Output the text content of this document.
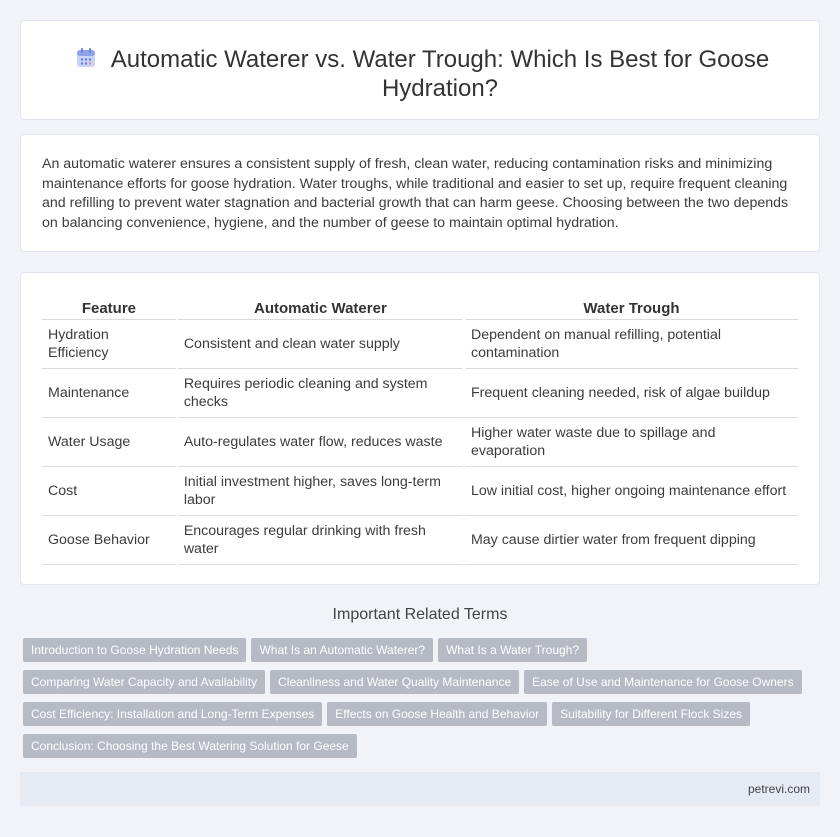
Automatic Waterer vs. Water Trough: Which Is Best for Goose Hydration?

An automatic waterer ensures a consistent supply of fresh, clean water, reducing contamination risks and minimizing maintenance efforts for goose hydration. Water troughs, while traditional and easier to set up, require frequent cleaning and refilling to prevent water stagnation and bacterial growth that can harm geese. Choosing between the two depends on balancing convenience, hygiene, and the number of geese to maintain optimal hydration.

Feature	Automatic Waterer	Water Trough
Hydration Efficiency	Consistent and clean water supply	Dependent on manual refilling, potential contamination
Maintenance	Requires periodic cleaning and system checks	Frequent cleaning needed, risk of algae buildup
Water Usage	Auto-regulates water flow, reduces waste	Higher water waste due to spillage and evaporation
Cost	Initial investment higher, saves long-term labor	Low initial cost, higher ongoing maintenance effort
Goose Behavior	Encourages regular drinking with fresh water	May cause dirtier water from frequent dipping
Important Related Terms
Introduction to Goose Hydration Needs What Is an Automatic Waterer? What Is a Water Trough?
Comparing Water Capacity and Availability Cleanliness and Water Quality Maintenance Ease of Use and Maintenance for Goose Owners
Cost Efficiency: Installation and Long-Term Expenses Effects on Goose Health and Behavior Suitability for Different Flock Sizes
Conclusion: Choosing the Best Watering Solution for Geese
petrevi.com
